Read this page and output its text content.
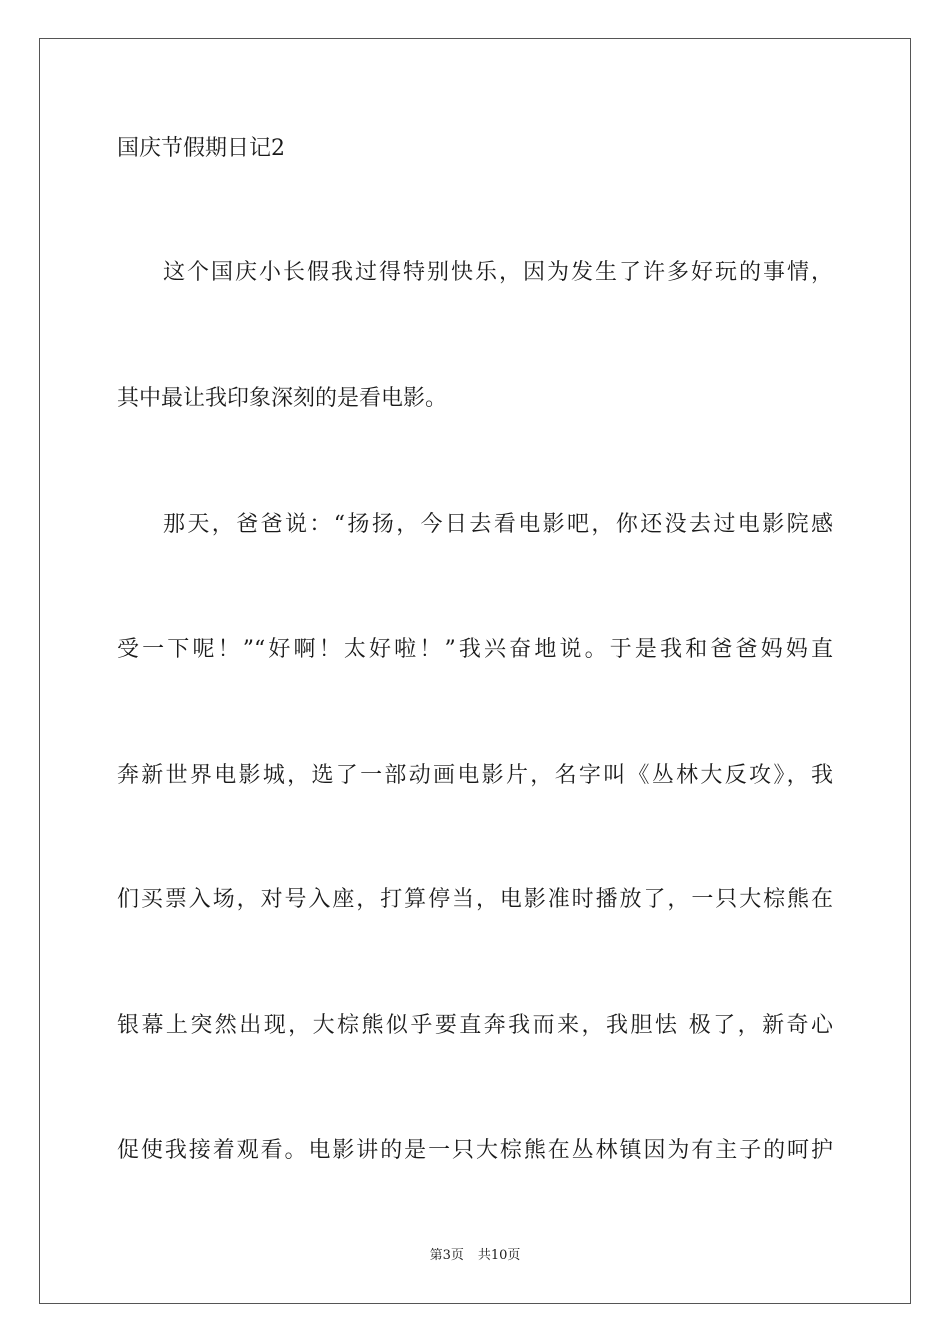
国庆节假期日记2
这个国庆小长假我过得特别快乐，因为发生了许多好玩的事情，
其中最让我印象深刻的是看电影。
那天，爸爸说：“扬扬，今日去看电影吧，你还没去过电影院感
受一下呢！”“好啊！太好啦！”我兴奋地说。于是我和爸爸妈妈直
奔新世界电影城，选了一部动画电影片，名字叫《丛林大反攻》，我
们买票入场，对号入座，打算停当，电影准时播放了，一只大棕熊在
银幕上突然出现，大棕熊似乎要直奔我而来，我胆怯 极了，新奇心
促使我接着观看。电影讲的是一只大棕熊在丛林镇因为有主子的呵护
第3页 共10页
